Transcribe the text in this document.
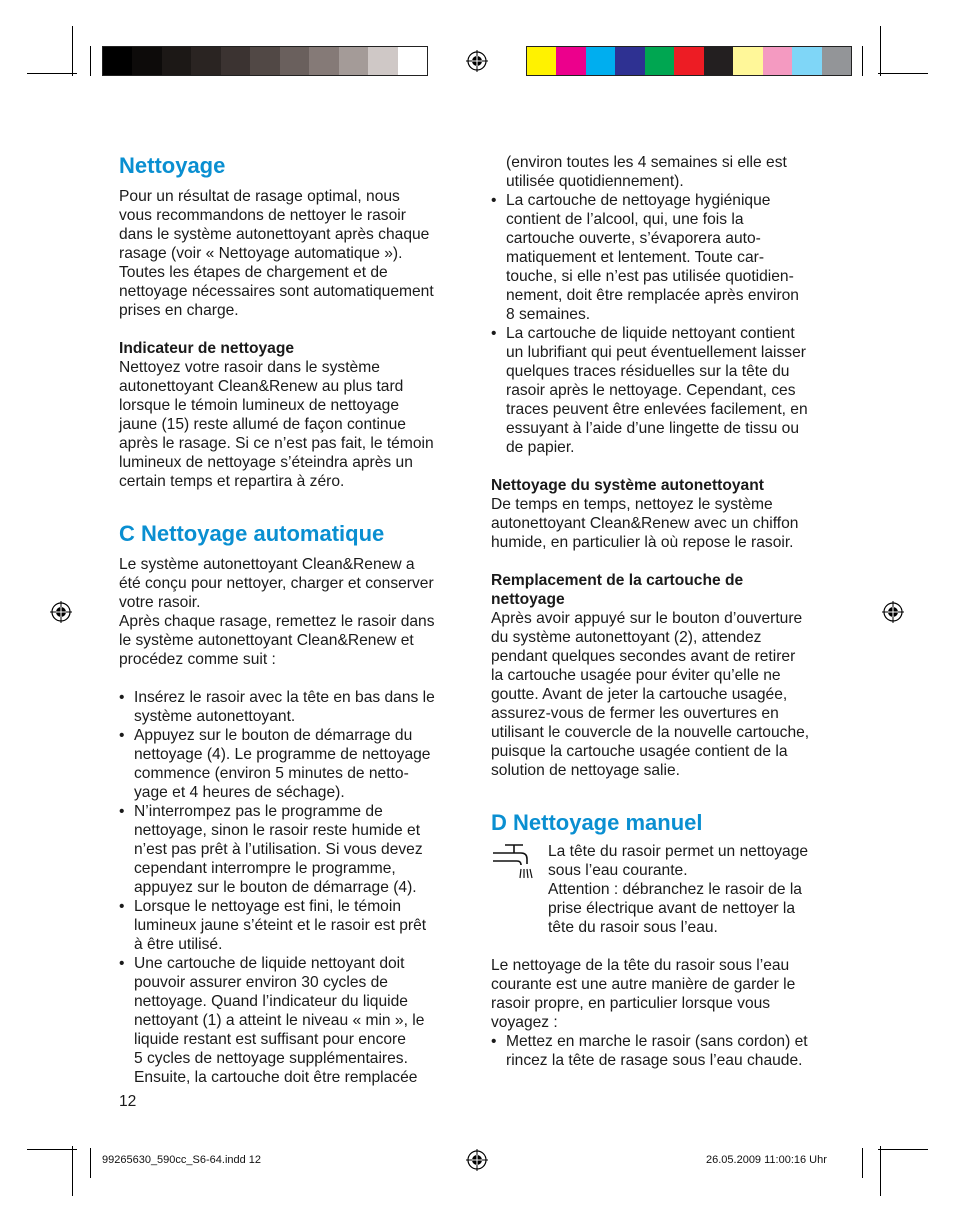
Nettoyage

Pour un résultat de rasage optimal, nous
vous recommandons de nettoyer le rasoir
dans le système autonettoyant après chaque
rasage (voir « Nettoyage automatique »).
Toutes les étapes de chargement et de
nettoyage nécessaires sont automatiquement
prises en charge.

Indicateur de nettoyage

Nettoyez votre rasoir dans le système
autonettoyant Clean&Renew au plus tard
lorsque le témoin lumineux de nettoyage
jaune (15) reste allumé de façon continue
après le rasage. Si ce n’est pas fait, le témoin
lumineux de nettoyage s’éteindra après un
certain temps et repartira à zéro.

C Nettoyage automatique

Le système autonettoyant Clean&Renew a
été conçu pour nettoyer, charger et conserver
votre rasoir.
Après chaque rasage, remettez le rasoir dans
le système autonettoyant Clean&Renew et
procédez comme suit :

• Insérez le rasoir avec la tête en bas dans le
système autonettoyant.
• Appuyez sur le bouton de démarrage du
nettoyage (4). Le programme de nettoyage
commence (environ 5 minutes de netto-
yage et 4 heures de séchage).
• N’interrompez pas le programme de
nettoyage, sinon le rasoir reste humide et
n’est pas prêt à l’utilisation. Si vous devez
cependant interrompre le programme,
appuyez sur le bouton de démarrage (4).
• Lorsque le nettoyage est fini, le témoin
lumineux jaune s’éteint et le rasoir est prêt
à être utilisé.
• Une cartouche de liquide nettoyant doit
pouvoir assurer environ 30 cycles de
nettoyage. Quand l’indicateur du liquide
nettoyant (1) a atteint le niveau « min », le
liquide restant est suffisant pour encore
5 cycles de nettoyage supplémentaires.
Ensuite, la cartouche doit être remplacée

(environ toutes les 4 semaines si elle est
utilisée quotidiennement).

• La cartouche de nettoyage hygiénique
contient de l’alcool, qui, une fois la
cartouche ouverte, s’évaporera auto-
matiquement et lentement. Toute car-
touche, si elle n’est pas utilisée quotidien-
nement, doit être remplacée après environ
8 semaines.
• La cartouche de liquide nettoyant contient
un lubrifiant qui peut éventuellement laisser
quelques traces résiduelles sur la tête du
rasoir après le nettoyage. Cependant, ces
traces peuvent être enlevées facilement, en
essuyant à l’aide d’une lingette de tissu ou
de papier.

Nettoyage du système autonettoyant

De temps en temps, nettoyez le système
autonettoyant Clean&Renew avec un chiffon
humide, en particulier là où repose le rasoir.

Remplacement de la cartouche de
nettoyage

Après avoir appuyé sur le bouton d’ouverture
du système autonettoyant (2), attendez
pendant quelques secondes avant de retirer
la cartouche usagée pour éviter qu’elle ne
goutte. Avant de jeter la cartouche usagée,
assurez-vous de fermer les ouvertures en
utilisant le couvercle de la nouvelle cartouche,
puisque la cartouche usagée contient de la
solution de nettoyage salie.

D Nettoyage manuel

La tête du rasoir permet un nettoyage
sous l’eau courante.
Attention : débranchez le rasoir de la
prise électrique avant de nettoyer la
tête du rasoir sous l’eau.

Le nettoyage de la tête du rasoir sous l’eau
courante est une autre manière de garder le
rasoir propre, en particulier lorsque vous
voyagez :

• Mettez en marche le rasoir (sans cordon) et
rincez la tête de rasage sous l’eau chaude.
12
99265630_590cc_S6-64.indd 12	26.05.2009 11:00:16 Uhr
